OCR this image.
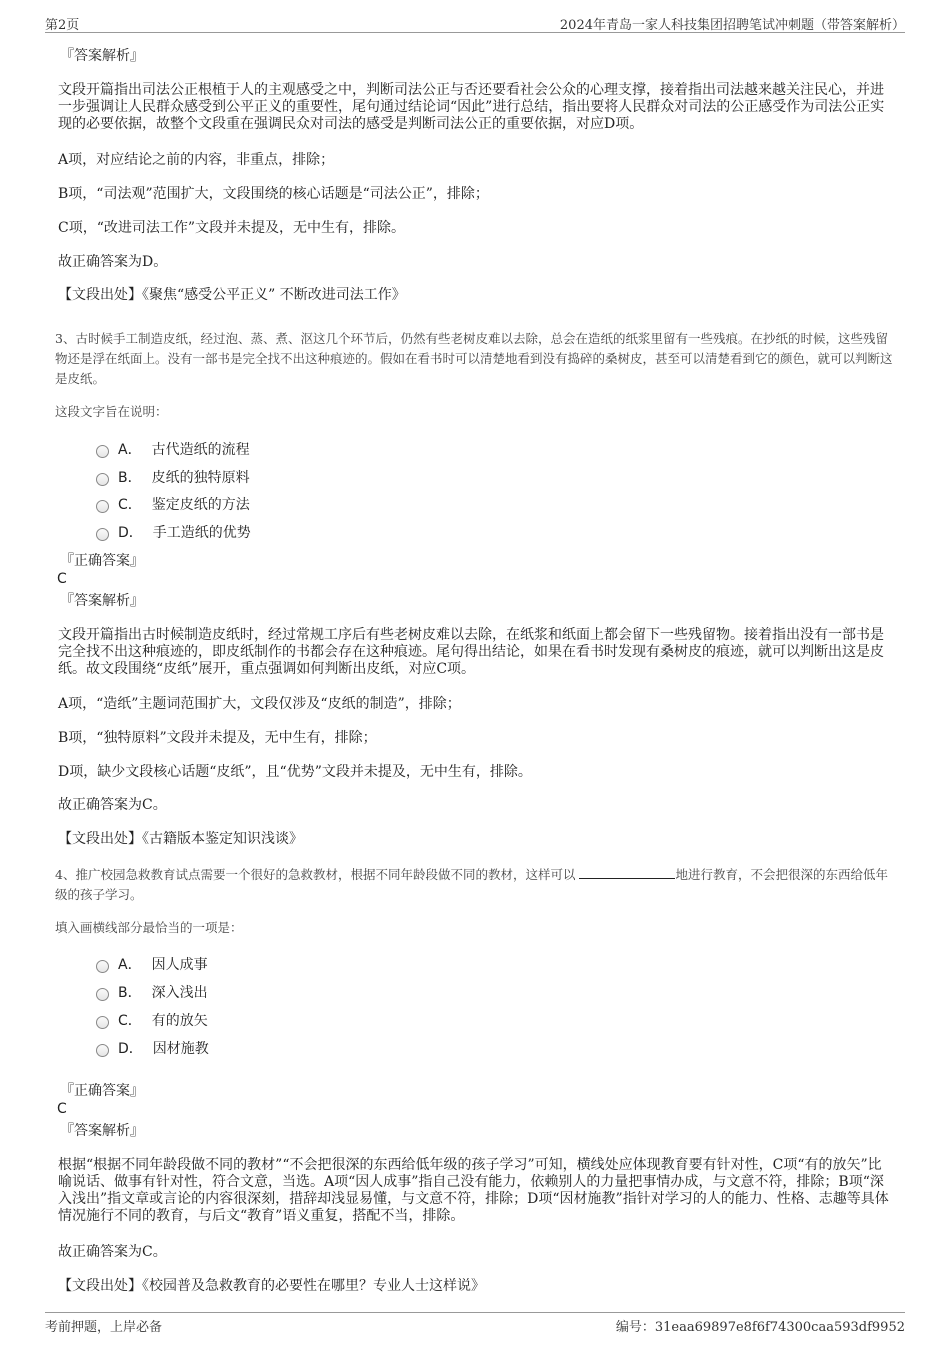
第2页	2024年青岛一家人科技集团招聘笔试冲刺题（带答案解析）
『答案解析』
文段开篇指出司法公正根植于人的主观感受之中，判断司法公正与否还要看社会公众的心理支撑，接着指出司法越来越关注民心，并进一步强调让人民群众感受到公平正义的重要性，尾句通过结论词“因此”进行总结，指出要将人民群众对司法的公正感受作为司法公正实现的必要依据，故整个文段重在强调民众对司法的感受是判断司法公正的重要依据，对应D项。
A项，对应结论之前的内容，非重点，排除；
B项，“司法观”范围扩大，文段围绕的核心话题是“司法公正”，排除；
C项，“改进司法工作”文段并未提及，无中生有，排除。
故正确答案为D。
【文段出处】《聚焦“感受公平正义” 不断改进司法工作》
3、古时候手工制造皮纸，经过泡、蒸、煮、沤这几个环节后，仍然有些老树皮难以去除，总会在造纸的纸浆里留有一些残痕。在抄纸的时候，这些残留物还是浮在纸面上。没有一部书是完全找不出这种痕迹的。假如在看书时可以清楚地看到没有捣碎的桑树皮，甚至可以清楚看到它的颜色，就可以判断这是皮纸。
这段文字旨在说明：
A． 古代造纸的流程
B． 皮纸的独特原料
C． 鉴定皮纸的方法
D． 手工造纸的优势
『正确答案』
C
『答案解析』
文段开篇指出古时候制造皮纸时，经过常规工序后有些老树皮难以去除，在纸浆和纸面上都会留下一些残留物。接着指出没有一部书是完全找不出这种痕迹的，即皮纸制作的书都会存在这种痕迹。尾句得出结论，如果在看书时发现有桑树皮的痕迹，就可以判断出这是皮纸。故文段围绕“皮纸”展开，重点强调如何判断出皮纸，对应C项。
A项，“造纸”主题词范围扩大，文段仅涉及“皮纸的制造”，排除；
B项，“独特原料”文段并未提及，无中生有，排除；
D项，缺少文段核心话题“皮纸”，且“优势”文段并未提及，无中生有，排除。
故正确答案为C。
【文段出处】《古籍版本鉴定知识浅谈》
4、推广校园急救教育试点需要一个很好的急救教材，根据不同年龄段做不同的教材，这样可以	地进行教育，不会把很深的东西给低年级的孩子学习。
填入画横线部分最恰当的一项是：
A． 因人成事
B． 深入浅出
C． 有的放矢
D． 因材施教
『正确答案』
C
『答案解析』
根据“根据不同年龄段做不同的教材”“不会把很深的东西给低年级的孩子学习”可知，横线处应体现教育要有针对性，C项“有的放矢”比喻说话、做事有针对性，符合文意，当选。A项“因人成事”指自己没有能力，依赖别人的力量把事情办成，与文意不符，排除；B项“深入浅出”指文章或言论的内容很深刻，措辞却浅显易懂，与文意不符，排除；D项“因材施教”指针对学习的人的能力、性格、志趣等具体情况施行不同的教育，与后文“教育”语义重复，搭配不当，排除。
故正确答案为C。
【文段出处】《校园普及急救教育的必要性在哪里？专业人士这样说》
考前押题，上岸必备	编号：31eaa69897e8f6f74300caa593df9952
